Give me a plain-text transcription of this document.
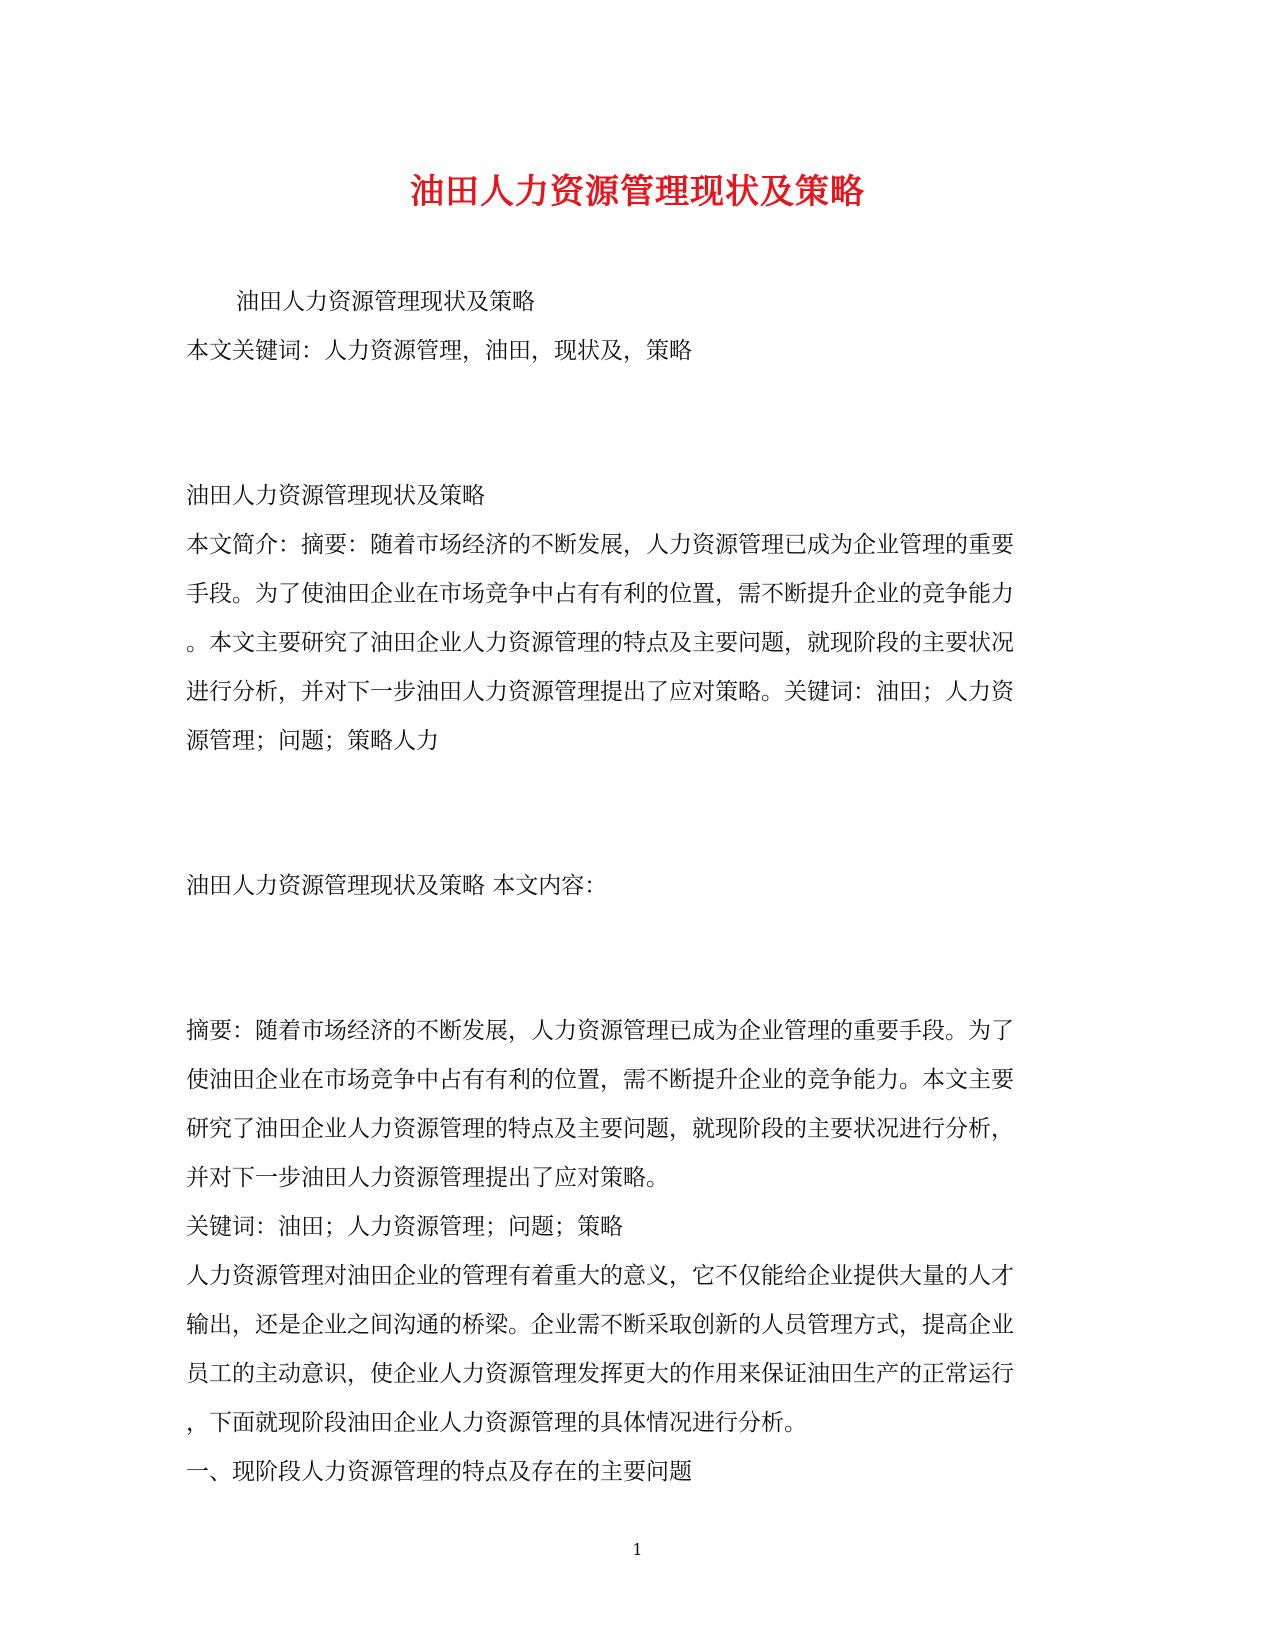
油田人力资源管理现状及策略

油田人力资源管理现状及策略

本文关键词：人力资源管理，油田，现状及，策略

油田人力资源管理现状及策略

本文简介：摘要：随着市场经济的不断发展，人力资源管理已成为企业管理的重要

手段。为了使油田企业在市场竞争中占有有利的位置，需不断提升企业的竞争能力

。本文主要研究了油田企业人力资源管理的特点及主要问题，就现阶段的主要状况

进行分析，并对下一步油田人力资源管理提出了应对策略。关键词：油田；人力资

源管理；问题；策略人力

油田人力资源管理现状及策略 本文内容：

摘要：随着市场经济的不断发展，人力资源管理已成为企业管理的重要手段。为了

使油田企业在市场竞争中占有有利的位置，需不断提升企业的竞争能力。本文主要

研究了油田企业人力资源管理的特点及主要问题，就现阶段的主要状况进行分析，

并对下一步油田人力资源管理提出了应对策略。

关键词：油田；人力资源管理；问题；策略

人力资源管理对油田企业的管理有着重大的意义，它不仅能给企业提供大量的人才

输出，还是企业之间沟通的桥梁。企业需不断采取创新的人员管理方式，提高企业

员工的主动意识，使企业人力资源管理发挥更大的作用来保证油田生产的正常运行

，下面就现阶段油田企业人力资源管理的具体情况进行分析。

一、现阶段人力资源管理的特点及存在的主要问题

1
